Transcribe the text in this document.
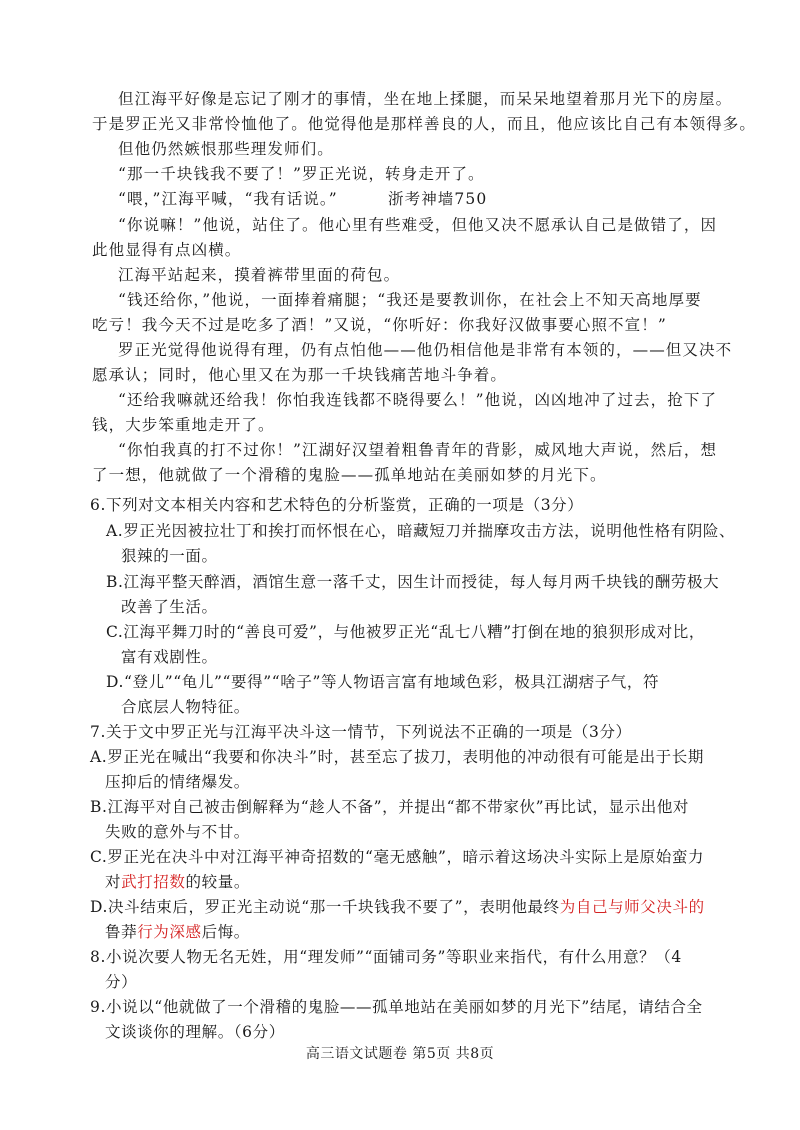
但江海平好像是忘记了刚才的事情，坐在地上揉腿，而呆呆地望着那月光下的房屋。
于是罗正光又非常怜恤他了。他觉得他是那样善良的人，而且，他应该比自己有本领得多。
但他仍然嫉恨那些理发师们。
“那一千块钱我不要了！”罗正光说，转身走开了。
“喂，”江海平喊，“我有话说。”	浙考神墙750
“你说嘛！”他说，站住了。他心里有些难受，但他又决不愿承认自己是做错了，因
此他显得有点凶横。
江海平站起来，摸着裤带里面的荷包。
“钱还给你，”他说，一面捧着痛腿；“我还是要教训你，在社会上不知天高地厚要
吃亏！我今天不过是吃多了酒！”又说，“你听好：你我好汉做事要心照不宣！”
罗正光觉得他说得有理，仍有点怕他——他仍相信他是非常有本领的，——但又决不
愿承认；同时，他心里又在为那一千块钱痛苦地斗争着。
“还给我嘛就还给我！你怕我连钱都不晓得要么！”他说，凶凶地冲了过去，抢下了
钱，大步笨重地走开了。
“你怕我真的打不过你！”江湖好汉望着粗鲁青年的背影，威风地大声说，然后，想
了一想，他就做了一个滑稽的鬼脸——孤单地站在美丽如梦的月光下。
6.下列对文本相关内容和艺术特色的分析鉴赏，正确的一项是（3分）
A.罗正光因被拉壮丁和挨打而怀恨在心，暗藏短刀并揣摩攻击方法，说明他性格有阴险、
狠辣的一面。
B.江海平整天醉酒，酒馆生意一落千丈，因生计而授徒，每人每月两千块钱的酬劳极大
改善了生活。
C.江海平舞刀时的“善良可爱”，与他被罗正光“乱七八糟”打倒在地的狼狈形成对比，
富有戏剧性。
D.“登儿”“龟儿”“要得”“啥子”等人物语言富有地域色彩，极具江湖痞子气，符
合底层人物特征。
7.关于文中罗正光与江海平决斗这一情节，下列说法不正确的一项是（3分）
A.罗正光在喊出“我要和你决斗”时，甚至忘了拔刀，表明他的冲动很有可能是出于长期
压抑后的情绪爆发。
B.江海平对自己被击倒解释为“趁人不备”，并提出“都不带家伙”再比试，显示出他对
失败的意外与不甘。
C.罗正光在决斗中对江海平神奇招数的“毫无感触”，暗示着这场决斗实际上是原始蛮力
对武打招数的较量。
D.决斗结束后，罗正光主动说“那一千块钱我不要了”，表明他最终为自己与师父决斗的
鲁莽行为深感后悔。
8.小说次要人物无名无姓，用“理发师”“面铺司务”等职业来指代，有什么用意？（4
分）
9.小说以“他就做了一个滑稽的鬼脸——孤单地站在美丽如梦的月光下”结尾，请结合全
文谈谈你的理解。（6分）
高三语文试题卷 第5页 共8页
